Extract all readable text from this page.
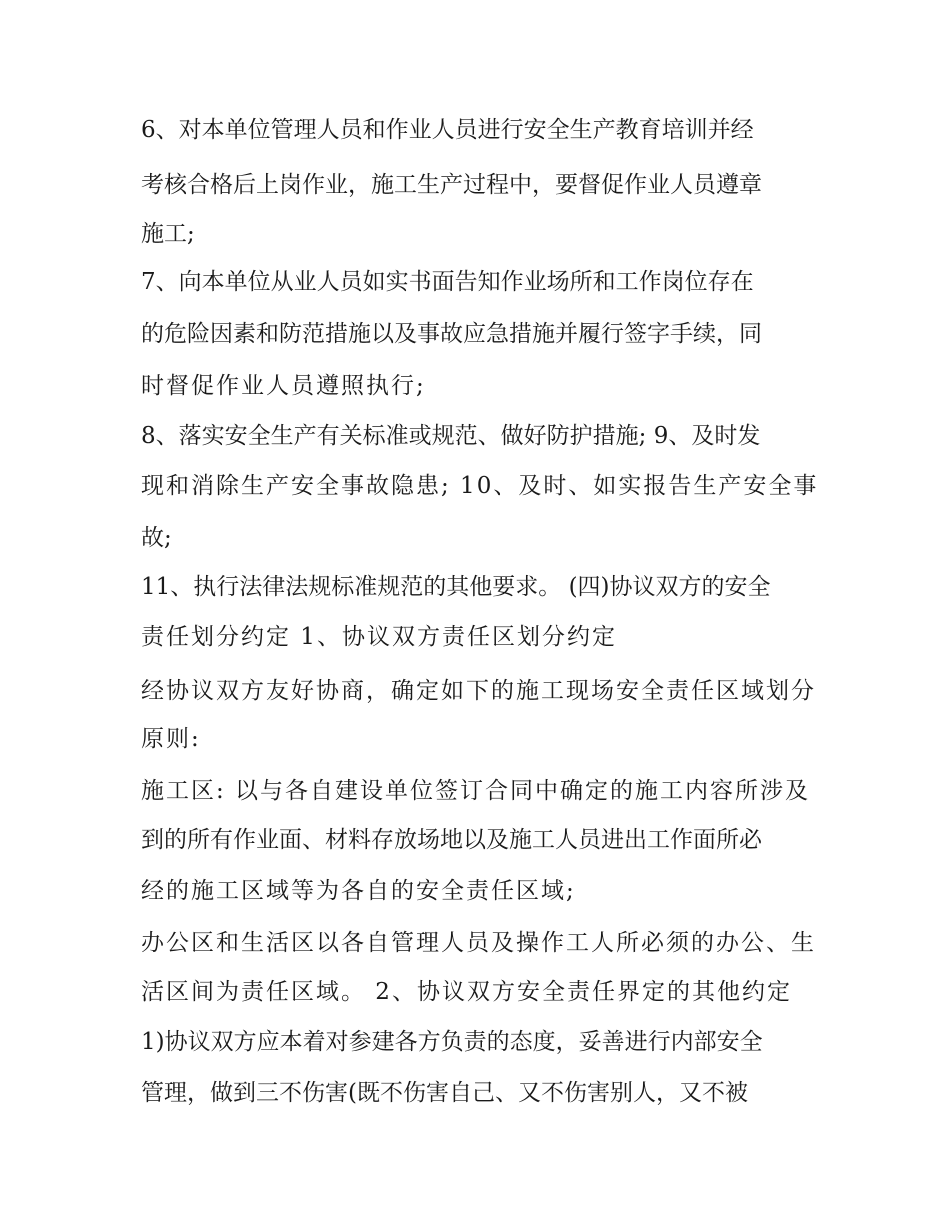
6、对本单位管理人员和作业人员进行安全生产教育培训并经
考核合格后上岗作业，施工生产过程中，要督促作业人员遵章
施工;
7、向本单位从业人员如实书面告知作业场所和工作岗位存在
的危险因素和防范措施以及事故应急措施并履行签字手续，同
时督促作业人员遵照执行;
8、落实安全生产有关标准或规范、做好防护措施; 9、及时发
现和消除生产安全事故隐患; 10、及时、如实报告生产安全事
故;
11、执行法律法规标准规范的其他要求。 (四)协议双方的安全
责任划分约定 1、协议双方责任区划分约定
经协议双方友好协商，确定如下的施工现场安全责任区域划分
原则:
施工区: 以与各自建设单位签订合同中确定的施工内容所涉及
到的所有作业面、材料存放场地以及施工人员进出工作面所必
经的施工区域等为各自的安全责任区域;
办公区和生活区以各自管理人员及操作工人所必须的办公、生
活区间为责任区域。 2、协议双方安全责任界定的其他约定
1)协议双方应本着对参建各方负责的态度，妥善进行内部安全
管理，做到三不伤害(既不伤害自己、又不伤害别人，又不被
